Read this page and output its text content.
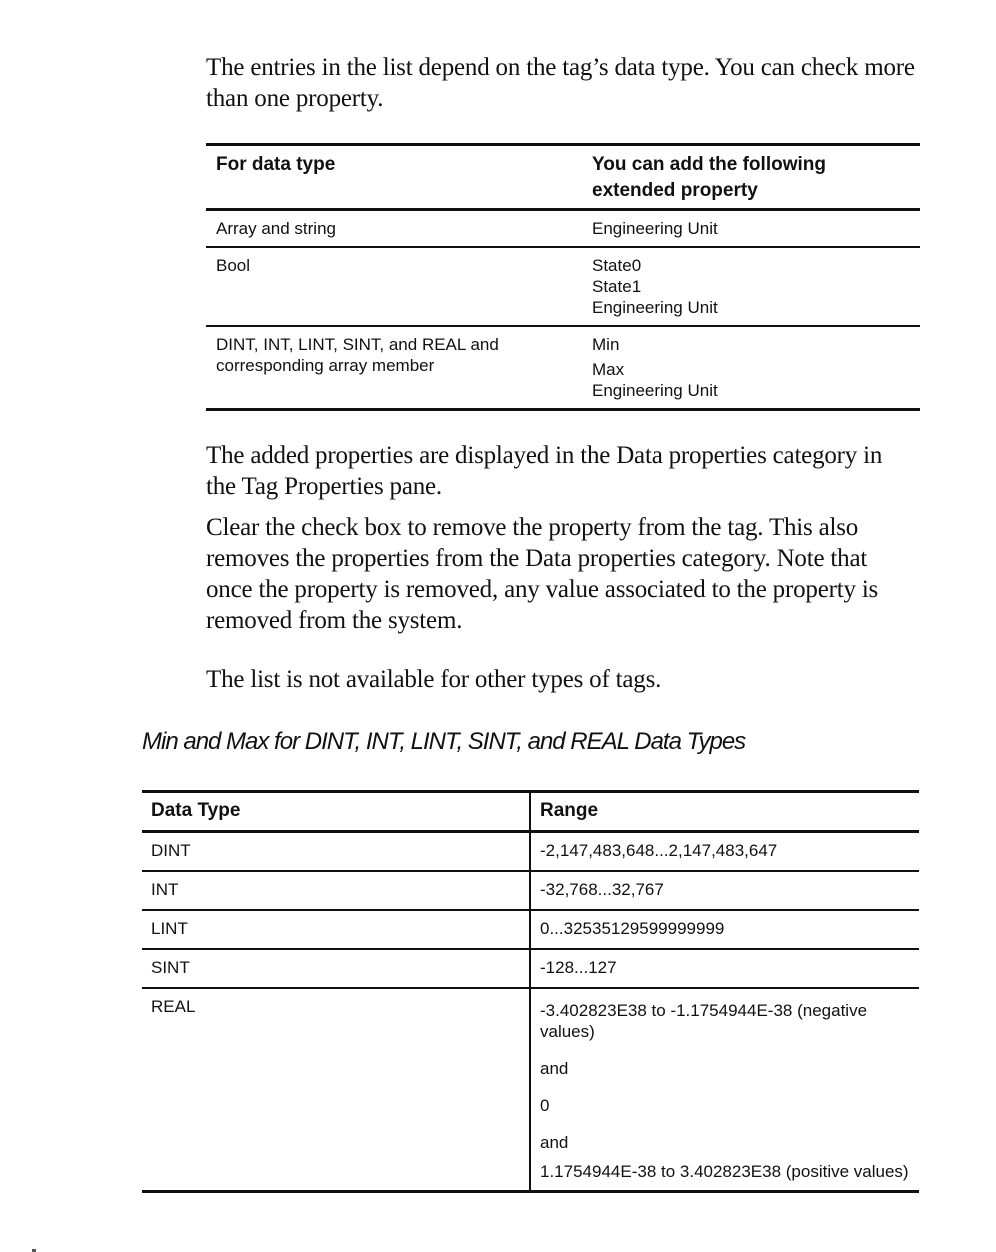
The entries in the list depend on the tag’s data type. You can check more than one property.

For data type	You can add the following extended property
Array and string	Engineering Unit

Bool	State0
State1
Engineering Unit

DINT, INT, LINT, SINT, and REAL and corresponding array member	Min
Max
Engineering Unit

The added properties are displayed in the Data properties category in the Tag Properties pane.

Clear the check box to remove the property from the tag. This also removes the properties from the Data properties category. Note that once the property is removed, any value associated to the property is removed from the system.

The list is not available for other types of tags.

Min and Max for DINT, INT, LINT, SINT, and REAL Data Types

Data Type	Range
DINT	-2,147,483,648...2,147,483,647
INT	-32,768...32,767
LINT	0...32535129599999999
SINT	-128...127
REAL	-3.402823E38 to -1.1754944E-38 (negative values)
and
0
and
1.1754944E-38 to 3.402823E38 (positive values)
